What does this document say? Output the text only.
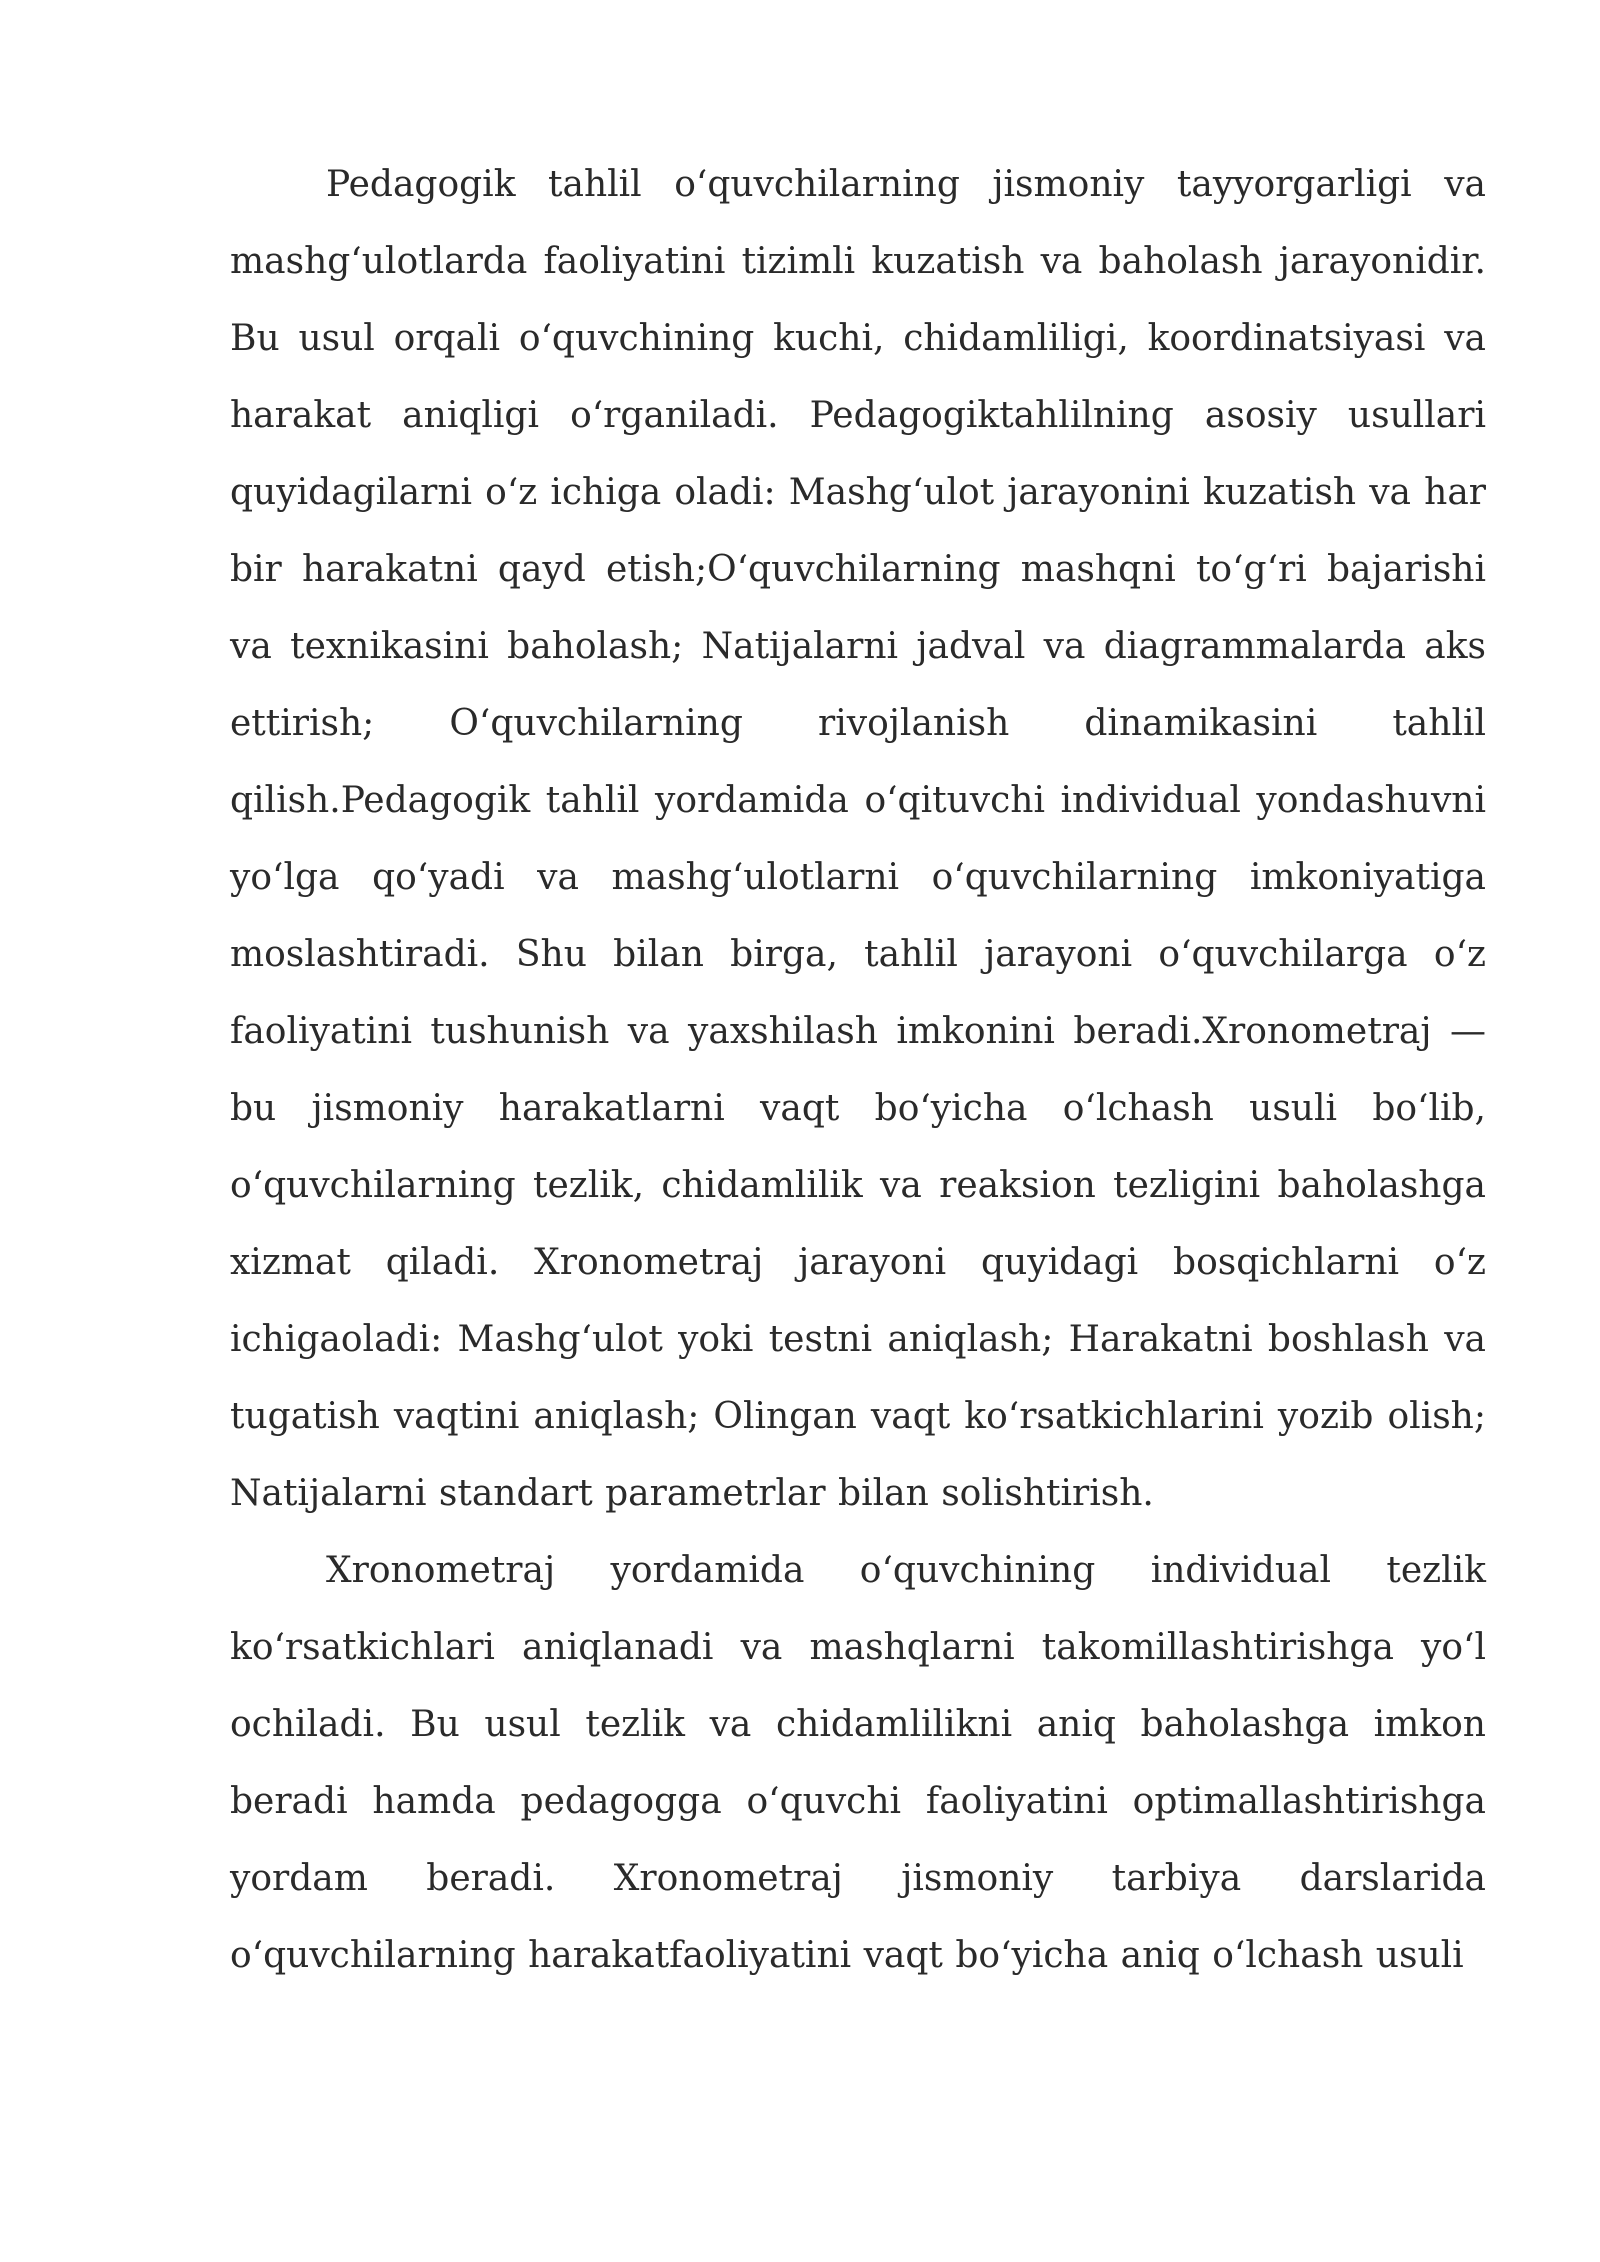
Pedagogik tahlil o‘quvchilarning jismoniy tayyorgarligi va mashg‘ulotlarda faoliyatini tizimli kuzatish va baholash jarayonidir. Bu usul orqali o‘quvchining kuchi, chidamliligi, koordinatsiyasi va harakat aniqligi o‘rganiladi. Pedagogiktahlilning asosiy usullari quyidagilarni o‘z ichiga oladi: Mashg‘ulot jarayonini kuzatish va har bir harakatni qayd etish;O‘quvchilarning mashqni to‘g‘ri bajarishi va texnikasini baholash; Natijalarni jadval va diagrammalarda aks ettirish; O‘quvchilarning rivojlanish dinamikasini tahlil qilish.Pedagogik tahlil yordamida o‘qituvchi individual yondashuvni yo‘lga qo‘yadi va mashg‘ulotlarni o‘quvchilarning imkoniyatiga moslashtiradi. Shu bilan birga, tahlil jarayoni o‘quvchilarga o‘z faoliyatini tushunish va yaxshilash imkonini beradi.Xronometraj —bu jismoniy harakatlarni vaqt bo‘yicha o‘lchash usuli bo‘lib, o‘quvchilarning tezlik, chidamlilik va reaksion tezligini baholashga xizmat qiladi. Xronometraj jarayoni quyidagi bosqichlarni o‘z ichigaoladi: Mashg‘ulot yoki testni aniqlash; Harakatni boshlash va tugatish vaqtini aniqlash; Olingan vaqt ko‘rsatkichlarini yozib olish; Natijalarni standart parametrlar bilan solishtirish.

Xronometraj yordamida o‘quvchining individual tezlik ko‘rsatkichlari aniqlanadi va mashqlarni takomillashtirishga yo‘l ochiladi. Bu usul tezlik va chidamlilikni aniq baholashga imkon beradi hamda pedagogga o‘quvchi faoliyatini optimallashtirishga yordam beradi. Xronometraj jismoniy tarbiya darslarida o‘quvchilarning harakatfaoliyatini vaqt bo‘yicha aniq o‘lchash usuli
